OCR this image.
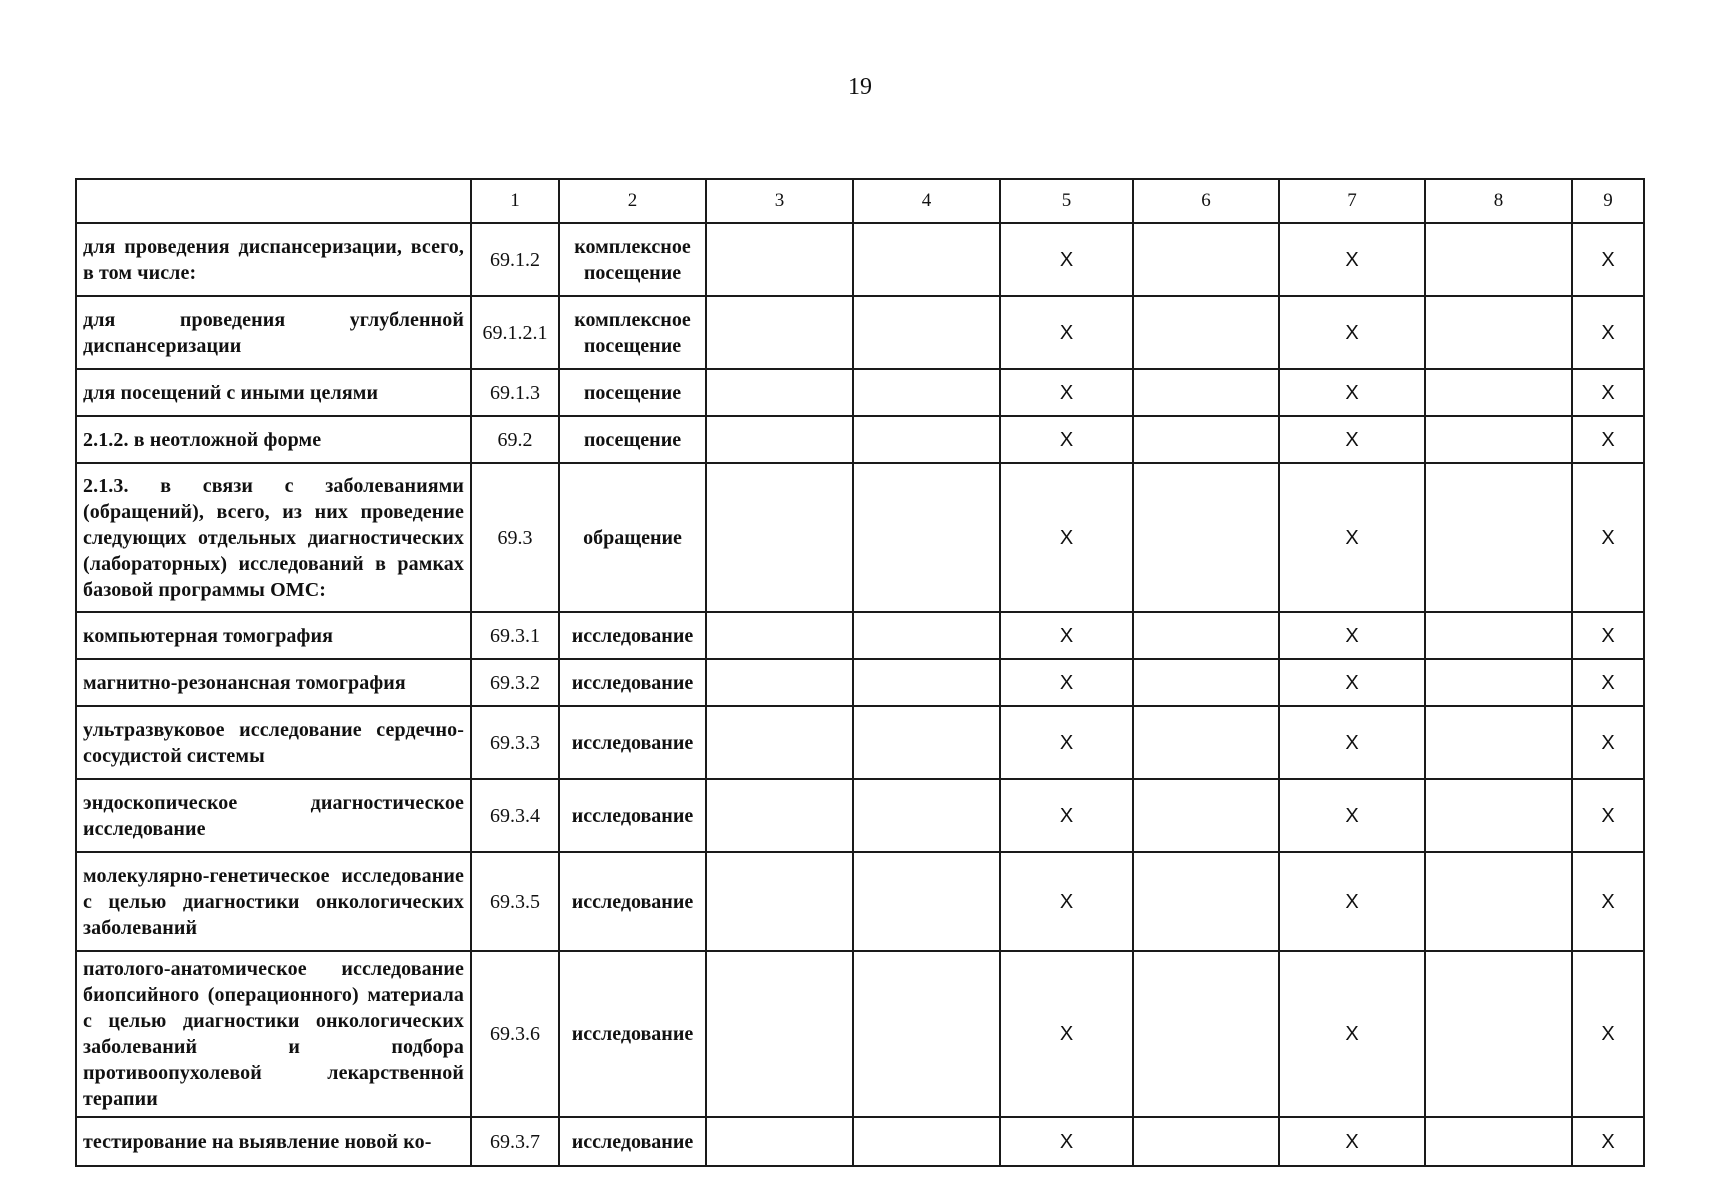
19
	1	2	3	4	5	6	7	8	9
для проведения диспансеризации, всего, в том числе:	69.1.2	комплексное посещение			Х		Х		Х
для проведения углубленной диспансеризации	69.1.2.1	комплексное посещение			Х		Х		Х
для посещений с иными целями	69.1.3	посещение			Х		Х		Х
2.1.2. в неотложной форме	69.2	посещение			Х		Х		Х
2.1.3. в связи с заболеваниями (обращений), всего, из них проведение следующих отдельных диагностических (лабораторных) исследований в рамках базовой программы ОМС:	69.3	обращение			Х		Х		Х
компьютерная томография	69.3.1	исследование			Х		Х		Х
магнитно-резонансная томография	69.3.2	исследование			Х		Х		Х
ультразвуковое исследование сердечно-сосудистой системы	69.3.3	исследование			Х		Х		Х
эндоскопическое диагностическое исследование	69.3.4	исследование			Х		Х		Х
молекулярно-генетическое исследование с целью диагностики онкологических заболеваний	69.3.5	исследование			Х		Х		Х
патолого-анатомическое исследование биопсийного (операционного) материала с целью диагностики онкологических заболеваний и подбора противоопухолевой лекарственной терапии	69.3.6	исследование			Х		Х		Х
тестирование на выявление новой ко-	69.3.7	исследование			Х		Х		Х
